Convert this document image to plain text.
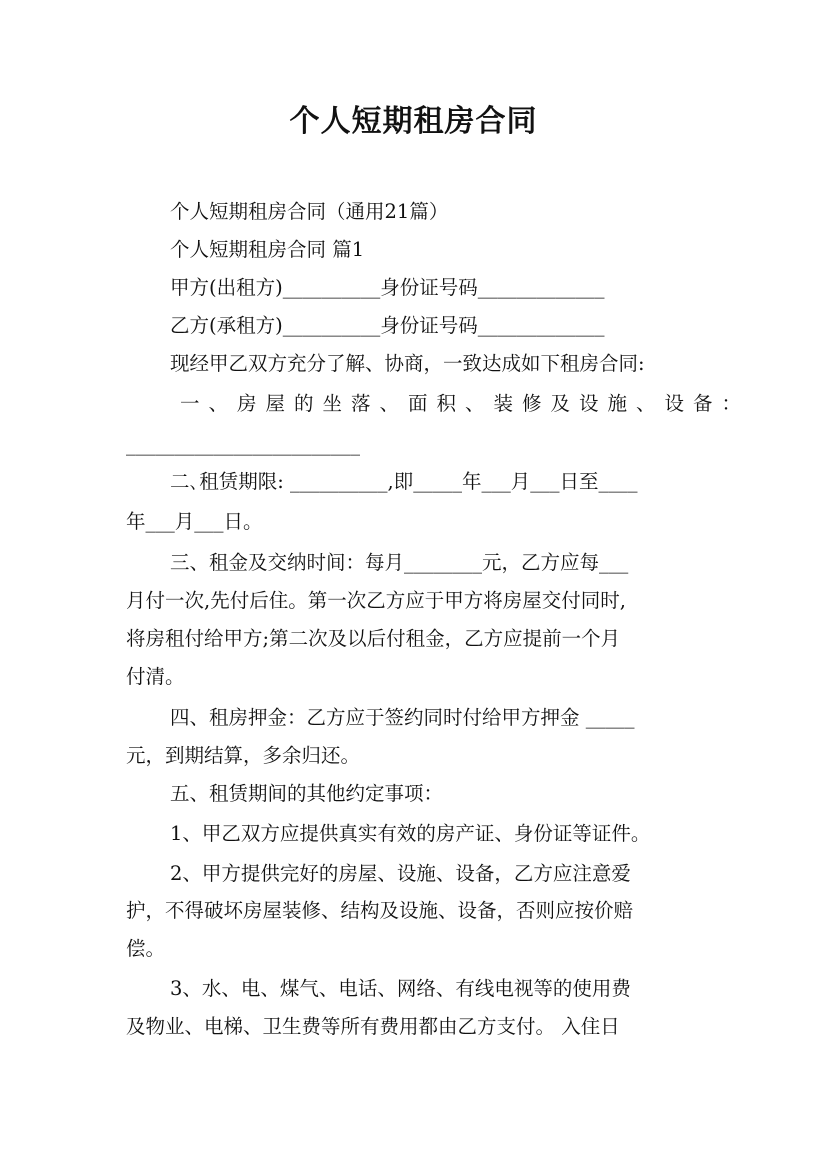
个人短期租房合同

个人短期租房合同（通用21篇）

个人短期租房合同 篇1

甲方(出租方)__________身份证号码_____________

乙方(承租方)__________身份证号码_____________

现经甲乙双方充分了解、协商，一致达成如下租房合同:

一、房屋的坐落、面积、装修及设施、设备：

________________________

二､租赁期限: __________,即_____年___月___日至____

年___月___日。

三、租金及交纳时间：每月________元，乙方应每___

月付一次,先付后住。第一次乙方应于甲方将房屋交付同时,

将房租付给甲方;第二次及以后付租金，乙方应提前一个月

付清。

四、租房押金：乙方应于签约同时付给甲方押金 _____

元，到期结算，多余归还。

五、租赁期间的其他约定事项：

1、甲乙双方应提供真实有效的房产证、身份证等证件。

2、甲方提供完好的房屋、设施、设备，乙方应注意爱

护，不得破坏房屋装修、结构及设施、设备，否则应按价赔

偿。

3、水、电、煤气、电话、网络、有线电视等的使用费

及物业、电梯、卫生费等所有费用都由乙方支付。 入住日
